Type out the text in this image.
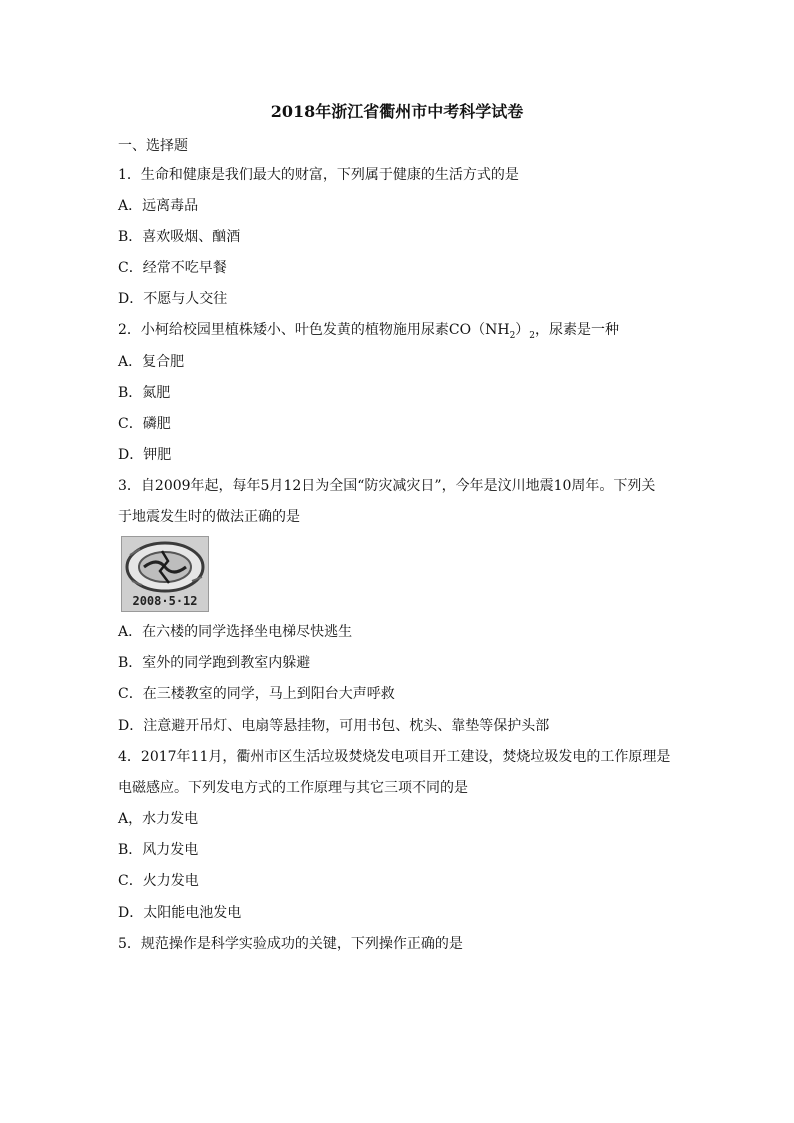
2018年浙江省衢州市中考科学试卷
一、选择题
1．生命和健康是我们最大的财富，下列属于健康的生活方式的是
A．远离毒品
B．喜欢吸烟、酗酒
C．经常不吃早餐
D．不愿与人交往
2．小柯给校园里植株矮小、叶色发黄的植物施用尿素$CO(NH_2)_2$，尿素是一种
A．复合肥
B．氮肥
C．磷肥
D．钾肥
3．自2009年起，每年5月12日为全国“防灾减灾日”，今年是汶川地震10周年。下列关
于地震发生时的做法正确的是
2008·5·12
A．在六楼的同学选择坐电梯尽快逃生
B．室外的同学跑到教室内躲避
C．在三楼教室的同学，马上到阳台大声呼救
D．注意避开吊灯、电扇等悬挂物，可用书包、枕头、靠垫等保护头部
4．2017年11月，衢州市区生活垃圾焚烧发电项目开工建设，焚烧垃圾发电的工作原理是
电磁感应。下列发电方式的工作原理与其它三项不同的是
A，水力发电
B．风力发电
C．火力发电
D．太阳能电池发电
5．规范操作是科学实验成功的关键，下列操作正确的是
